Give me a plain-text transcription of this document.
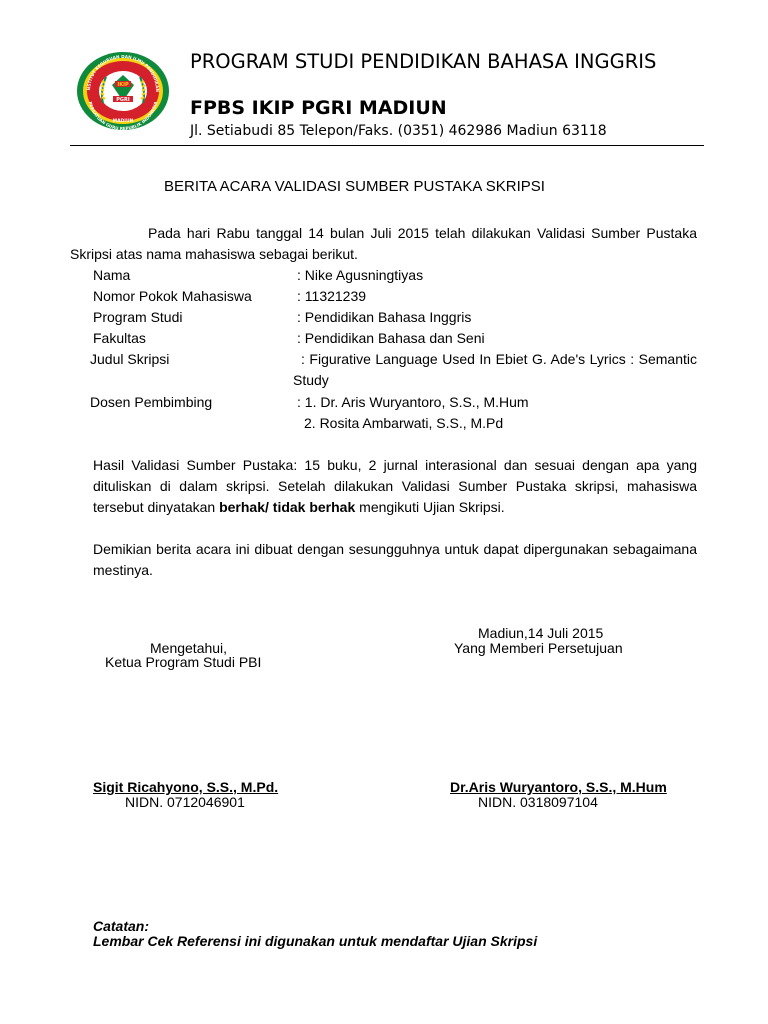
NSTITUT KEGURUAN DAN ILMU PENDIDIKAN
PERSATUAN GURU REPUBLIK INDONESIA
IKIP
PGRI
MADIUN
PROGRAM STUDI PENDIDIKAN BAHASA INGGRIS
FPBS IKIP PGRI MADIUN
Jl. Setiabudi 85 Telepon/Faks. (0351) 462986 Madiun 63118
BERITA ACARA VALIDASI SUMBER PUSTAKA SKRIPSI
Pada hari Rabu tanggal 14 bulan Juli 2015 telah dilakukan Validasi Sumber Pustaka Skripsi atas nama mahasiswa sebagai berikut.
Nama	: Nike Agusningtiyas
Nomor Pokok Mahasiswa	: 11321239
Program Studi	: Pendidikan Bahasa Inggris
Fakultas	: Pendidikan Bahasa dan Seni
Judul Skripsi	: Figurative Language Used In Ebiet G. Ade's Lyrics : Semantic Study
Dosen Pembimbing	: 1. Dr. Aris Wuryantoro, S.S., M.Hum
2. Rosita Ambarwati, S.S., M.Pd
Hasil Validasi Sumber Pustaka: 15 buku, 2 jurnal interasional dan sesuai dengan apa yang dituliskan di dalam skripsi. Setelah dilakukan Validasi Sumber Pustaka skripsi, mahasiswa tersebut dinyatakan berhak/ tidak berhak mengikuti Ujian Skripsi.
Demikian berita acara ini dibuat dengan sesungguhnya untuk dapat dipergunakan sebagaimana mestinya.
Madiun,14 Juli 2015
Mengetahui,	Yang Memberi Persetujuan
Ketua Program Studi PBI
Sigit Ricahyono, S.S., M.Pd.
NIDN. 0712046901
Dr.Aris Wuryantoro, S.S., M.Hum
NIDN. 0318097104
Catatan:
Lembar Cek Referensi ini digunakan untuk mendaftar Ujian Skripsi
